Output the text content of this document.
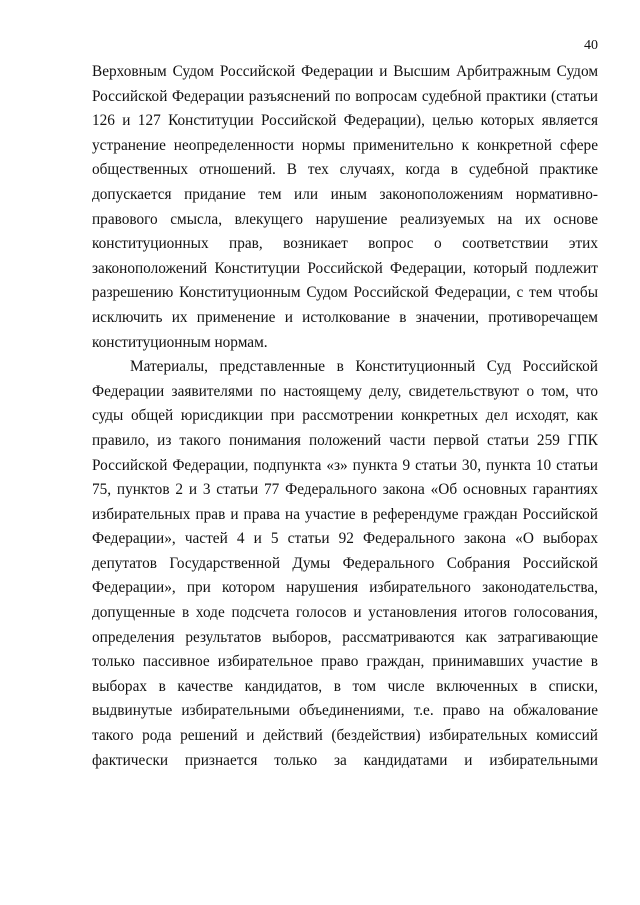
40
Верховным Судом Российской Федерации и Высшим Арбитражным Судом
Российской Федерации разъяснений по вопросам судебной практики (статьи
126 и 127 Конституции Российской Федерации), целью которых является
устранение неопределенности нормы применительно к конкретной сфере
общественных отношений. В тех случаях, когда в судебной практике
допускается придание тем или иным законоположениям нормативно-
правового смысла, влекущего нарушение реализуемых на их основе
конституционных прав, возникает вопрос о соответствии этих
законоположений Конституции Российской Федерации, который подлежит
разрешению Конституционным Судом Российской Федерации, с тем чтобы
исключить их применение и истолкование в значении, противоречащем
конституционным нормам.
Материалы, представленные в Конституционный Суд Российской
Федерации заявителями по настоящему делу, свидетельствуют о том, что
суды общей юрисдикции при рассмотрении конкретных дел исходят, как
правило, из такого понимания положений части первой статьи 259 ГПК
Российской Федерации, подпункта «з» пункта 9 статьи 30, пункта 10 статьи
75, пунктов 2 и 3 статьи 77 Федерального закона «Об основных гарантиях
избирательных прав и права на участие в референдуме граждан Российской
Федерации», частей 4 и 5 статьи 92 Федерального закона «О выборах
депутатов Государственной Думы Федерального Собрания Российской
Федерации», при котором нарушения избирательного законодательства,
допущенные в ходе подсчета голосов и установления итогов голосования,
определения результатов выборов, рассматриваются как затрагивающие
только пассивное избирательное право граждан, принимавших участие в
выборах в качестве кандидатов, в том числе включенных в списки,
выдвинутые избирательными объединениями, т.е. право на обжалование
такого рода решений и действий (бездействия) избирательных комиссий
фактически признается только за кандидатами и избирательными
